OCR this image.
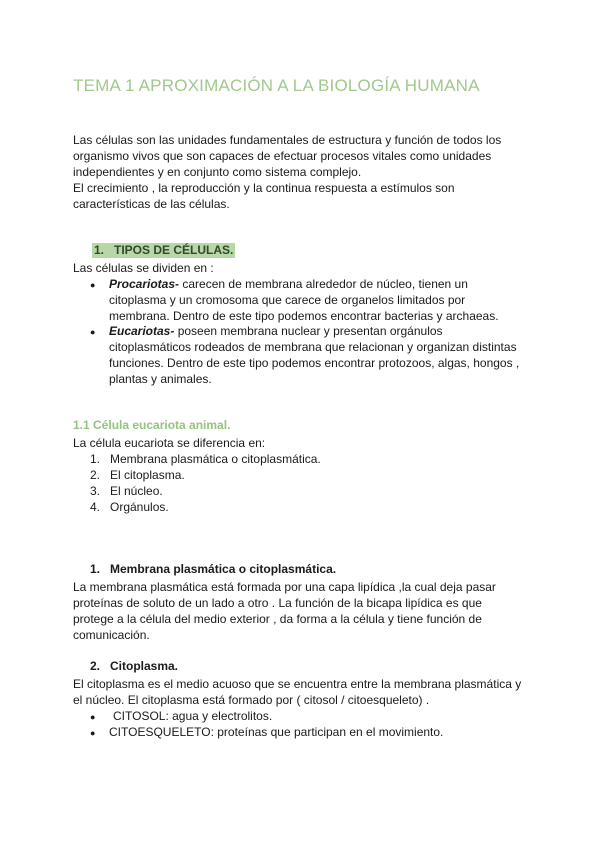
TEMA 1 APROXIMACIÓN A LA BIOLOGÍA HUMANA
Las células son las unidades fundamentales de estructura y función de todos los
organismo vivos que son capaces de efectuar procesos vitales como unidades
independientes y en conjunto como sistema complejo.
El crecimiento , la reproducción y la continua respuesta a estímulos son
características de las células.
1. TIPOS DE CÉLULAS.
Las células se dividen en :
● Procariotas- carecen de membrana alrededor de núcleo, tienen un
citoplasma y un cromosoma que carece de organelos limitados por
membrana. Dentro de este tipo podemos encontrar bacterias y archaeas.
● Eucariotas- poseen membrana nuclear y presentan orgánulos
citoplasmáticos rodeados de membrana que relacionan y organizan distintas
funciones. Dentro de este tipo podemos encontrar protozoos, algas, hongos ,
plantas y animales.
1.1 Célula eucariota animal.
La célula eucariota se diferencia en:
1. Membrana plasmática o citoplasmática.
2. El citoplasma.
3. El núcleo.
4. Orgánulos.
1. Membrana plasmática o citoplasmática.
La membrana plasmática está formada por una capa lipídica ,la cual deja pasar
proteínas de soluto de un lado a otro . La función de la bicapa lipídica es que
protege a la célula del medio exterior , da forma a la célula y tiene función de
comunicación.
2. Citoplasma.
El citoplasma es el medio acuoso que se encuentra entre la membrana plasmática y
el núcleo. El citoplasma está formado por ( citosol / citoesqueleto) .
● CITOSOL: agua y electrolitos.
● CITOESQUELETO: proteínas que participan en el movimiento.
